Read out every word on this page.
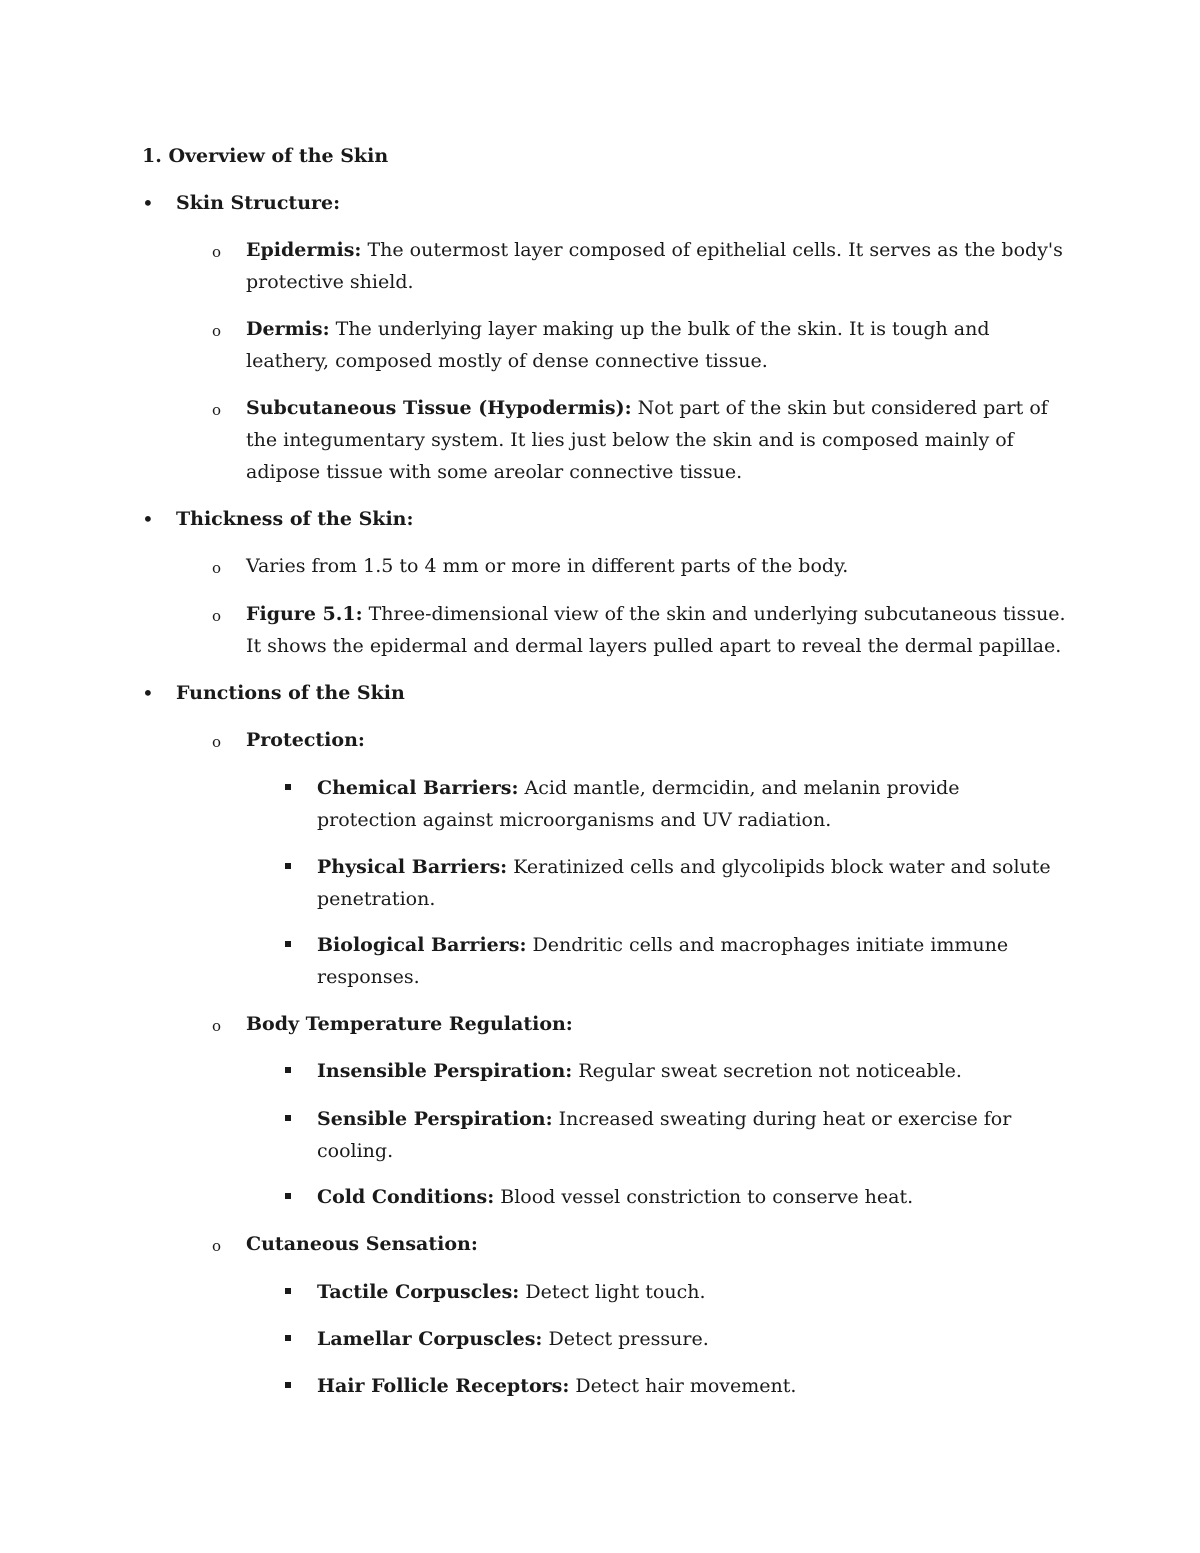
1. Overview of the Skin
• Skin Structure:
o Epidermis: The outermost layer composed of epithelial cells. It serves as the body's protective shield.
o Dermis: The underlying layer making up the bulk of the skin. It is tough and leathery, composed mostly of dense connective tissue.
o Subcutaneous Tissue (Hypodermis): Not part of the skin but considered part of the integumentary system. It lies just below the skin and is composed mainly of adipose tissue with some areolar connective tissue.
• Thickness of the Skin:
o Varies from 1.5 to 4 mm or more in different parts of the body.
o Figure 5.1: Three-dimensional view of the skin and underlying subcutaneous tissue. It shows the epidermal and dermal layers pulled apart to reveal the dermal papillae.
• Functions of the Skin
o Protection:
Chemical Barriers: Acid mantle, dermcidin, and melanin provide protection against microorganisms and UV radiation.
Physical Barriers: Keratinized cells and glycolipids block water and solute penetration.
Biological Barriers: Dendritic cells and macrophages initiate immune responses.
o Body Temperature Regulation:
Insensible Perspiration: Regular sweat secretion not noticeable.
Sensible Perspiration: Increased sweating during heat or exercise for cooling.
Cold Conditions: Blood vessel constriction to conserve heat.
o Cutaneous Sensation:
Tactile Corpuscles: Detect light touch.
Lamellar Corpuscles: Detect pressure.
Hair Follicle Receptors: Detect hair movement.
